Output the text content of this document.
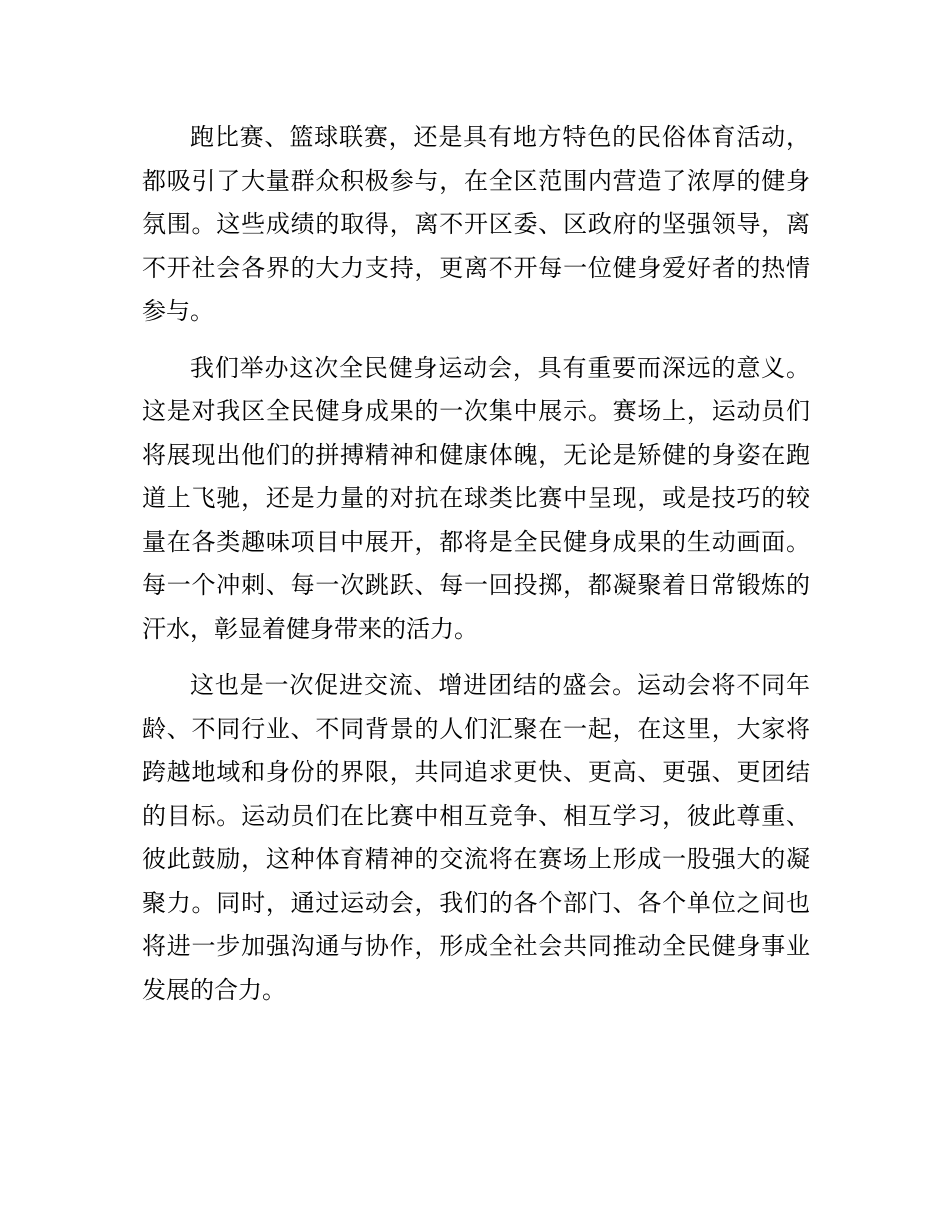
跑比赛、篮球联赛，还是具有地方特色的民俗体育活动，
都吸引了大量群众积极参与，在全区范围内营造了浓厚的健身
氛围。这些成绩的取得，离不开区委、区政府的坚强领导，离
不开社会各界的大力支持，更离不开每一位健身爱好者的热情
参与。
我们举办这次全民健身运动会，具有重要而深远的意义。
这是对我区全民健身成果的一次集中展示。赛场上，运动员们
将展现出他们的拼搏精神和健康体魄，无论是矫健的身姿在跑
道上飞驰，还是力量的对抗在球类比赛中呈现，或是技巧的较
量在各类趣味项目中展开，都将是全民健身成果的生动画面。
每一个冲刺、每一次跳跃、每一回投掷，都凝聚着日常锻炼的
汗水，彰显着健身带来的活力。
这也是一次促进交流、增进团结的盛会。运动会将不同年
龄、不同行业、不同背景的人们汇聚在一起，在这里，大家将
跨越地域和身份的界限，共同追求更快、更高、更强、更团结
的目标。运动员们在比赛中相互竞争、相互学习，彼此尊重、
彼此鼓励，这种体育精神的交流将在赛场上形成一股强大的凝
聚力。同时，通过运动会，我们的各个部门、各个单位之间也
将进一步加强沟通与协作，形成全社会共同推动全民健身事业
发展的合力。
